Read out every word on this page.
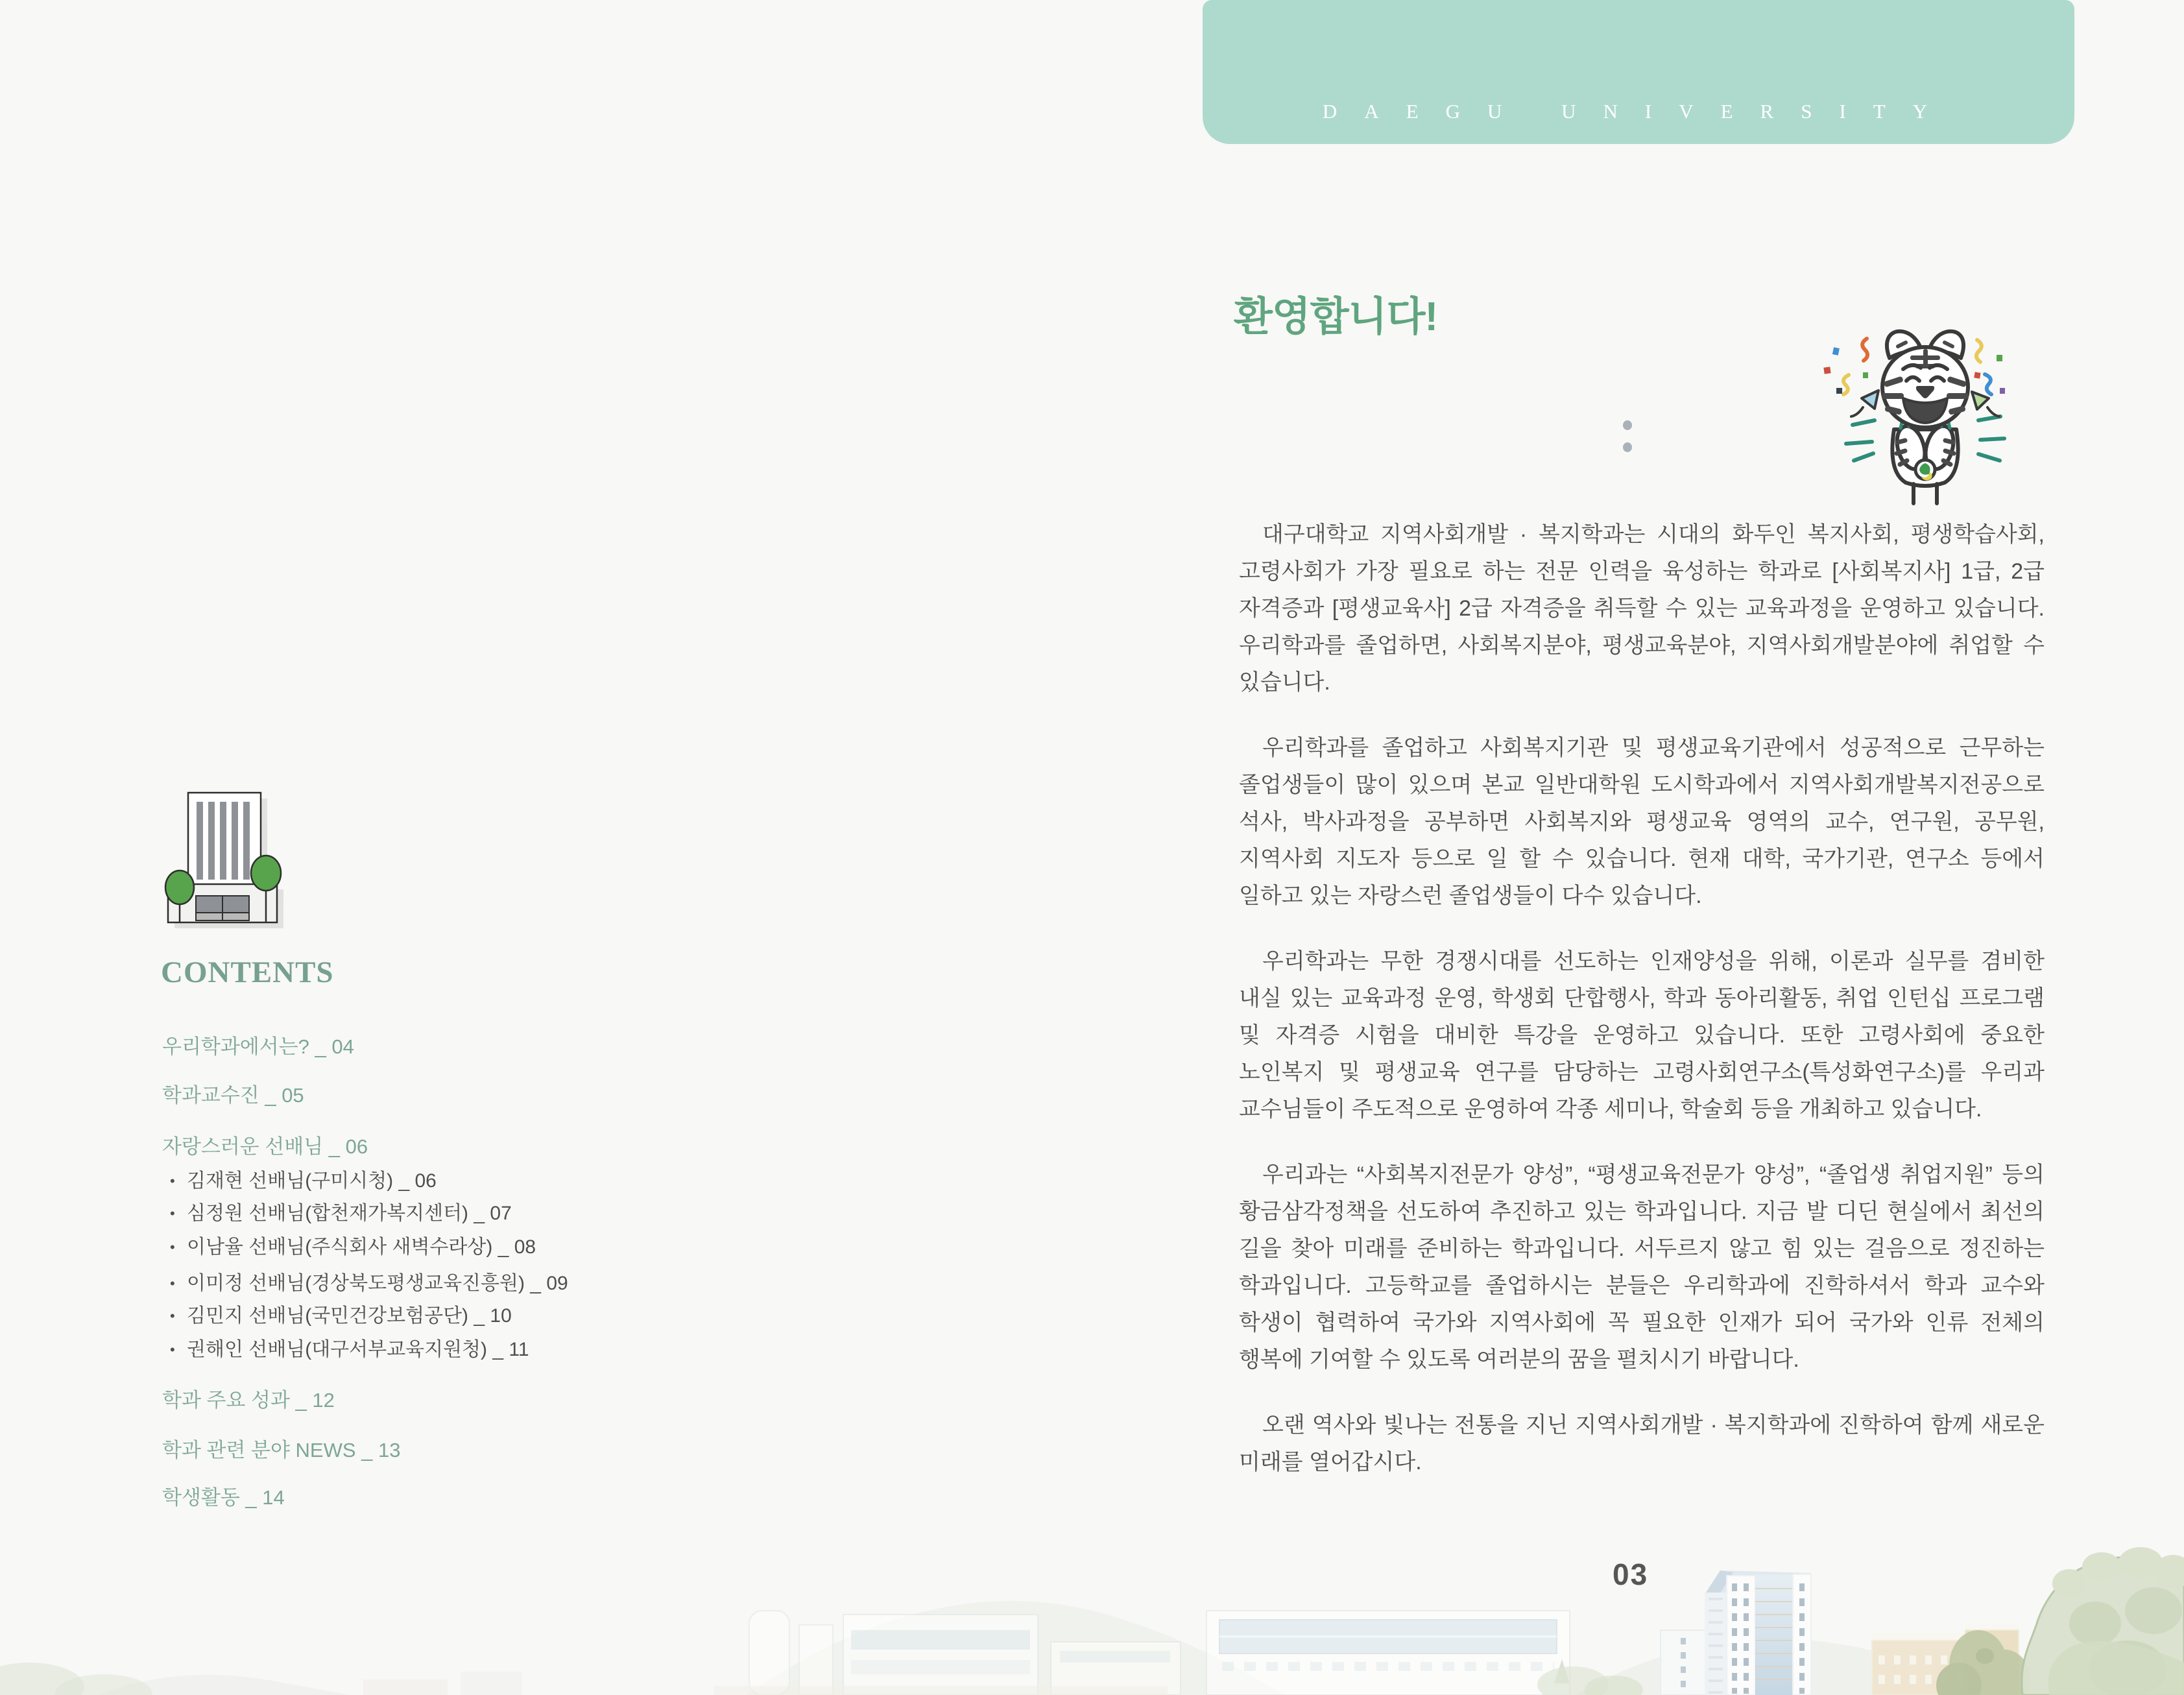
DAEGU UNIVERSITY
CONTENTS
우리학과에서는? _ 04
학과교수진 _ 05
자랑스러운 선배님 _ 06
• 김재현 선배님(구미시청) _ 06
• 심정원 선배님(합천재가복지센터) _ 07
• 이남율 선배님(주식회사 새벽수라상) _ 08
• 이미정 선배님(경상북도평생교육진흥원) _ 09
• 김민지 선배님(국민건강보험공단) _ 10
• 권해인 선배님(대구서부교육지원청) _ 11
학과 주요 성과 _ 12
학과 관련 분야 NEWS _ 13
학생활동 _ 14
환영합니다!

대구대학교 지역사회개발 · 복지학과는 시대의 화두인 복지사회, 평생학습사회, 고령사회가 가장 필요로 하는 전문 인력을 육성하는 학과로 [사회복지사] 1급, 2급 자격증과 [평생교육사] 2급 자격증을 취득할 수 있는 교육과정을 운영하고 있습니다. 우리학과를 졸업하면, 사회복지분야, 평생교육분야, 지역사회개발분야에 취업할 수 있습니다.

우리학과를 졸업하고 사회복지기관 및 평생교육기관에서 성공적으로 근무하는 졸업생들이 많이 있으며 본교 일반대학원 도시학과에서 지역사회개발복지전공으로 석사, 박사과정을 공부하면 사회복지와 평생교육 영역의 교수, 연구원, 공무원, 지역사회 지도자 등으로 일 할 수 있습니다. 현재 대학, 국가기관, 연구소 등에서 일하고 있는 자랑스런 졸업생들이 다수 있습니다.

우리학과는 무한 경쟁시대를 선도하는 인재양성을 위해, 이론과 실무를 겸비한 내실 있는 교육과정 운영, 학생회 단합행사, 학과 동아리활동, 취업 인턴십 프로그램 및 자격증 시험을 대비한 특강을 운영하고 있습니다. 또한 고령사회에 중요한 노인복지 및 평생교육 연구를 담당하는 고령사회연구소(특성화연구소)를 우리과 교수님들이 주도적으로 운영하여 각종 세미나, 학술회 등을 개최하고 있습니다.

우리과는 “사회복지전문가 양성”, “평생교육전문가 양성”, “졸업생 취업지원” 등의 황금삼각정책을 선도하여 추진하고 있는 학과입니다. 지금 발 디딘 현실에서 최선의 길을 찾아 미래를 준비하는 학과입니다. 서두르지 않고 힘 있는 걸음으로 정진하는 학과입니다. 고등학교를 졸업하시는 분들은 우리학과에 진학하셔서 학과 교수와 학생이 협력하여 국가와 지역사회에 꼭 필요한 인재가 되어 국가와 인류 전체의 행복에 기여할 수 있도록 여러분의 꿈을 펼치시기 바랍니다.

오랜 역사와 빛나는 전통을 지닌 지역사회개발 · 복지학과에 진학하여 함께 새로운 미래를 열어갑시다.

03
